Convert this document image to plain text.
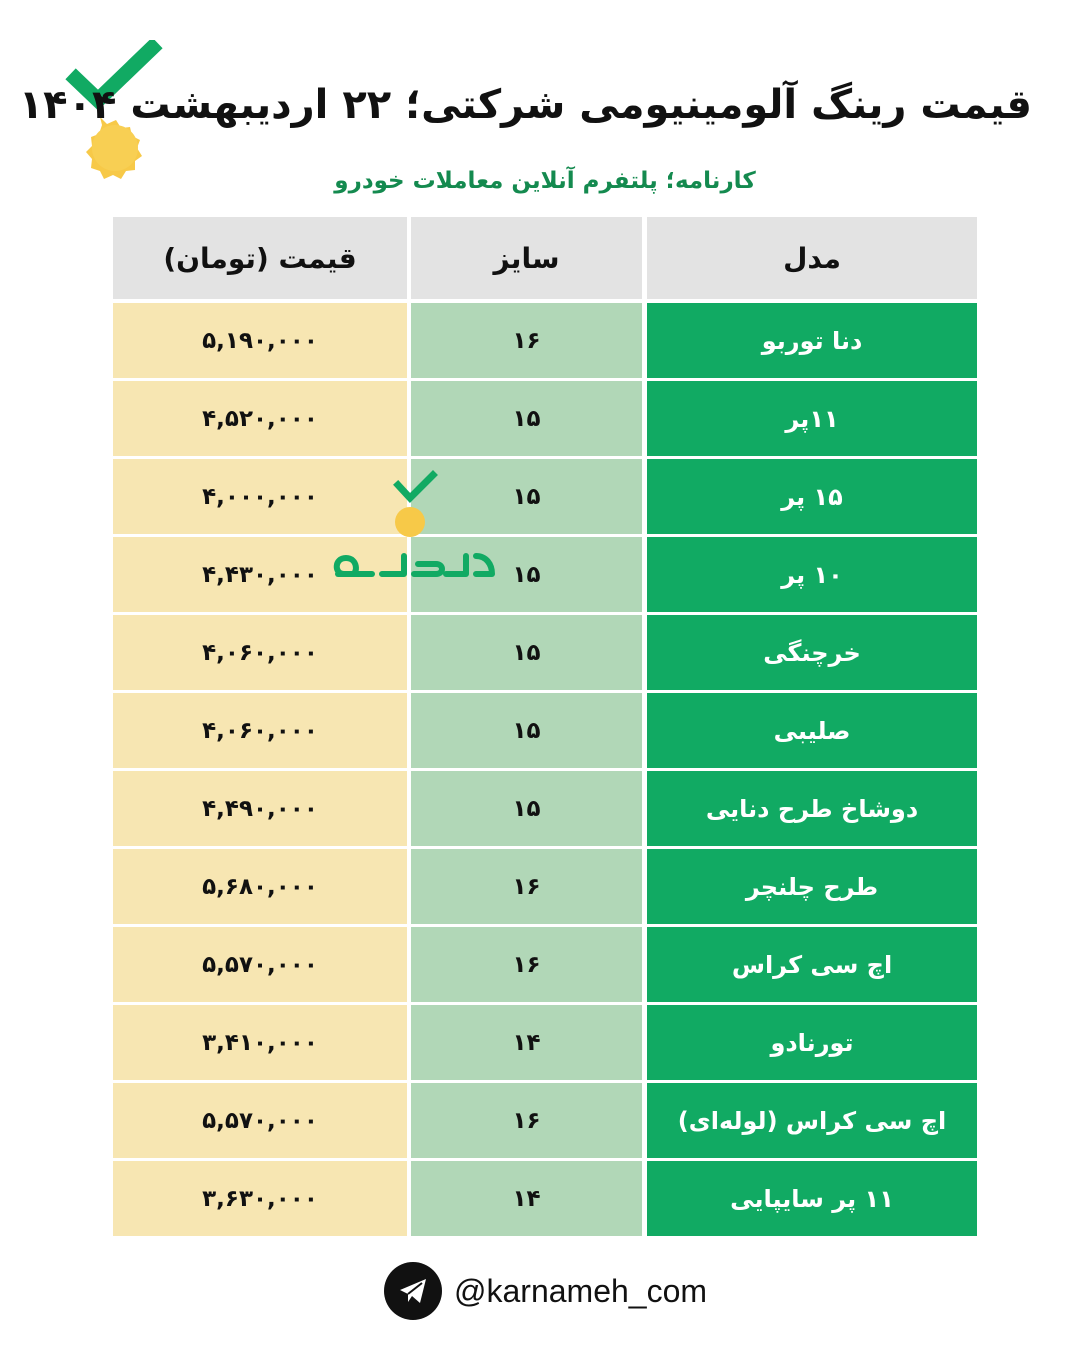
قیمت رینگ آلومینیومی شرکتی؛ ۲۲ اردیبهشت ۱۴۰۴
کارنامه؛ پلتفرم آنلاین معاملات خودرو
مدل
سایز
قیمت (تومان)
دنا توربو
۱۶
۵,۱۹۰,۰۰۰
۱۱پر
۱۵
۴,۵۲۰,۰۰۰
۱۵ پر
۱۵
۴,۰۰۰,۰۰۰
۱۰ پر
۱۵
۴,۴۳۰,۰۰۰
خرچنگی
۱۵
۴,۰۶۰,۰۰۰
صلیبی
۱۵
۴,۰۶۰,۰۰۰
دوشاخ طرح دنایی
۱۵
۴,۴۹۰,۰۰۰
طرح چلنچر
۱۶
۵,۶۸۰,۰۰۰
اچ سی کراس
۱۶
۵,۵۷۰,۰۰۰
تورنادو
۱۴
۳,۴۱۰,۰۰۰
اچ سی کراس (لوله‌ای)
۱۶
۵,۵۷۰,۰۰۰
۱۱ پر سایپایی
۱۴
۳,۶۳۰,۰۰۰
@karnameh_com
